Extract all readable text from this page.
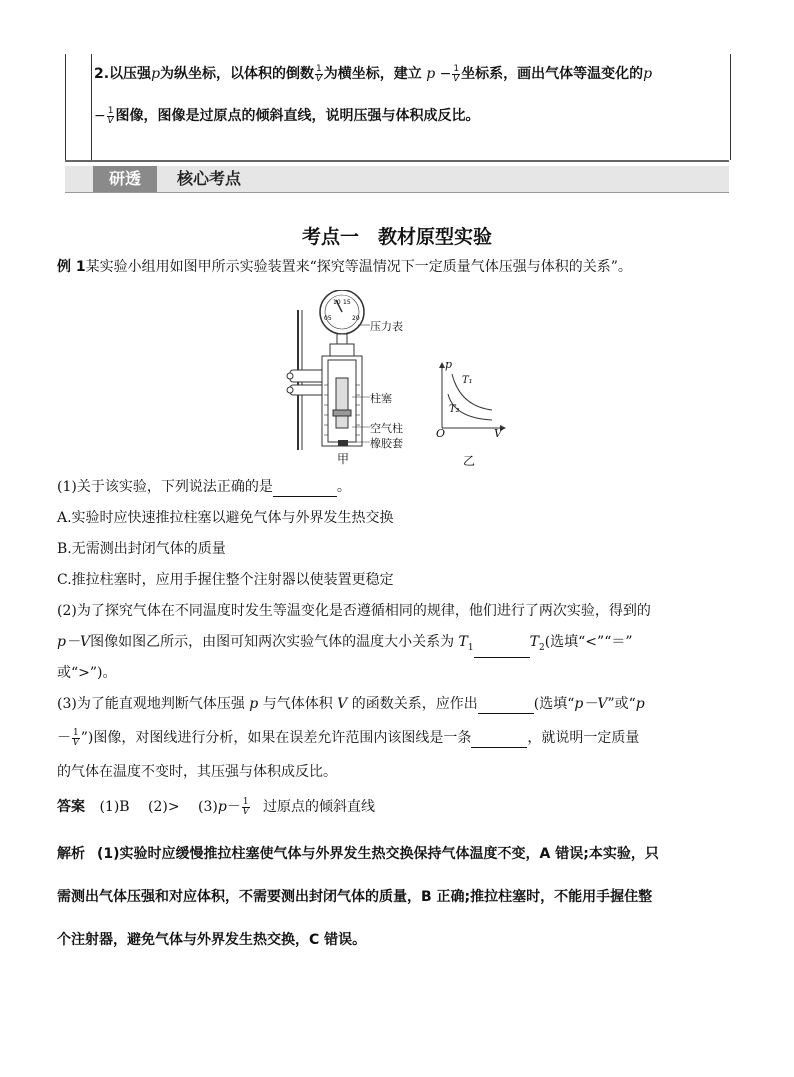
2.以压强p为纵坐标，以体积的倒数 $\frac{1}{V}$ 为横坐标，建立 $p - \frac{1}{V}$ 坐标系，画出气体等温变化的p
− $\frac{1}{V}$ 图像，图像是过原点的倾斜直线，说明压强与体积成反比。
研透	核心考点
考点一　教材原型实验
例 1某实验小组用如图甲所示实验装置来“探究等温情况下一定质量气体压强与体积的关系”。
05
10 15
20
压力表
柱塞
空气柱
橡胶套
甲
p
T₁
T₂
O	V
乙
(1)关于该实验，下列说法正确的是	。
A.实验时应快速推拉柱塞以避免气体与外界发生热交换
B.无需测出封闭气体的质量
C.推拉柱塞时，应用手握住整个注射器以使装置更稳定
(2)为了探究气体在不同温度时发生等温变化是否遵循相同的规律，他们进行了两次实验，得到的
p－V图像如图乙所示，由图可知两次实验气体的温度大小关系为 $T_1$	$T_2$(选填“<”“＝”
或“>”)。
(3)为了能直观地判断气体压强 p 与气体体积 V 的函数关系，应作出	(选填“p－V”或“p
－ $\frac{1}{V}$ ”)图像，对图线进行分析，如果在误差允许范围内该图线是一条	，就说明一定质量
的气体在温度不变时，其压强与体积成反比。
答案 (1)B $(2)> (3)p- \frac{1}{V}$ 过原点的倾斜直线
解析 (1)实验时应缓慢推拉柱塞使气体与外界发生热交换保持气体温度不变，A 错误;本实验，只
需测出气体压强和对应体积，不需要测出封闭气体的质量，B 正确;推拉柱塞时，不能用手握住整
个注射器，避免气体与外界发生热交换，C 错误。
